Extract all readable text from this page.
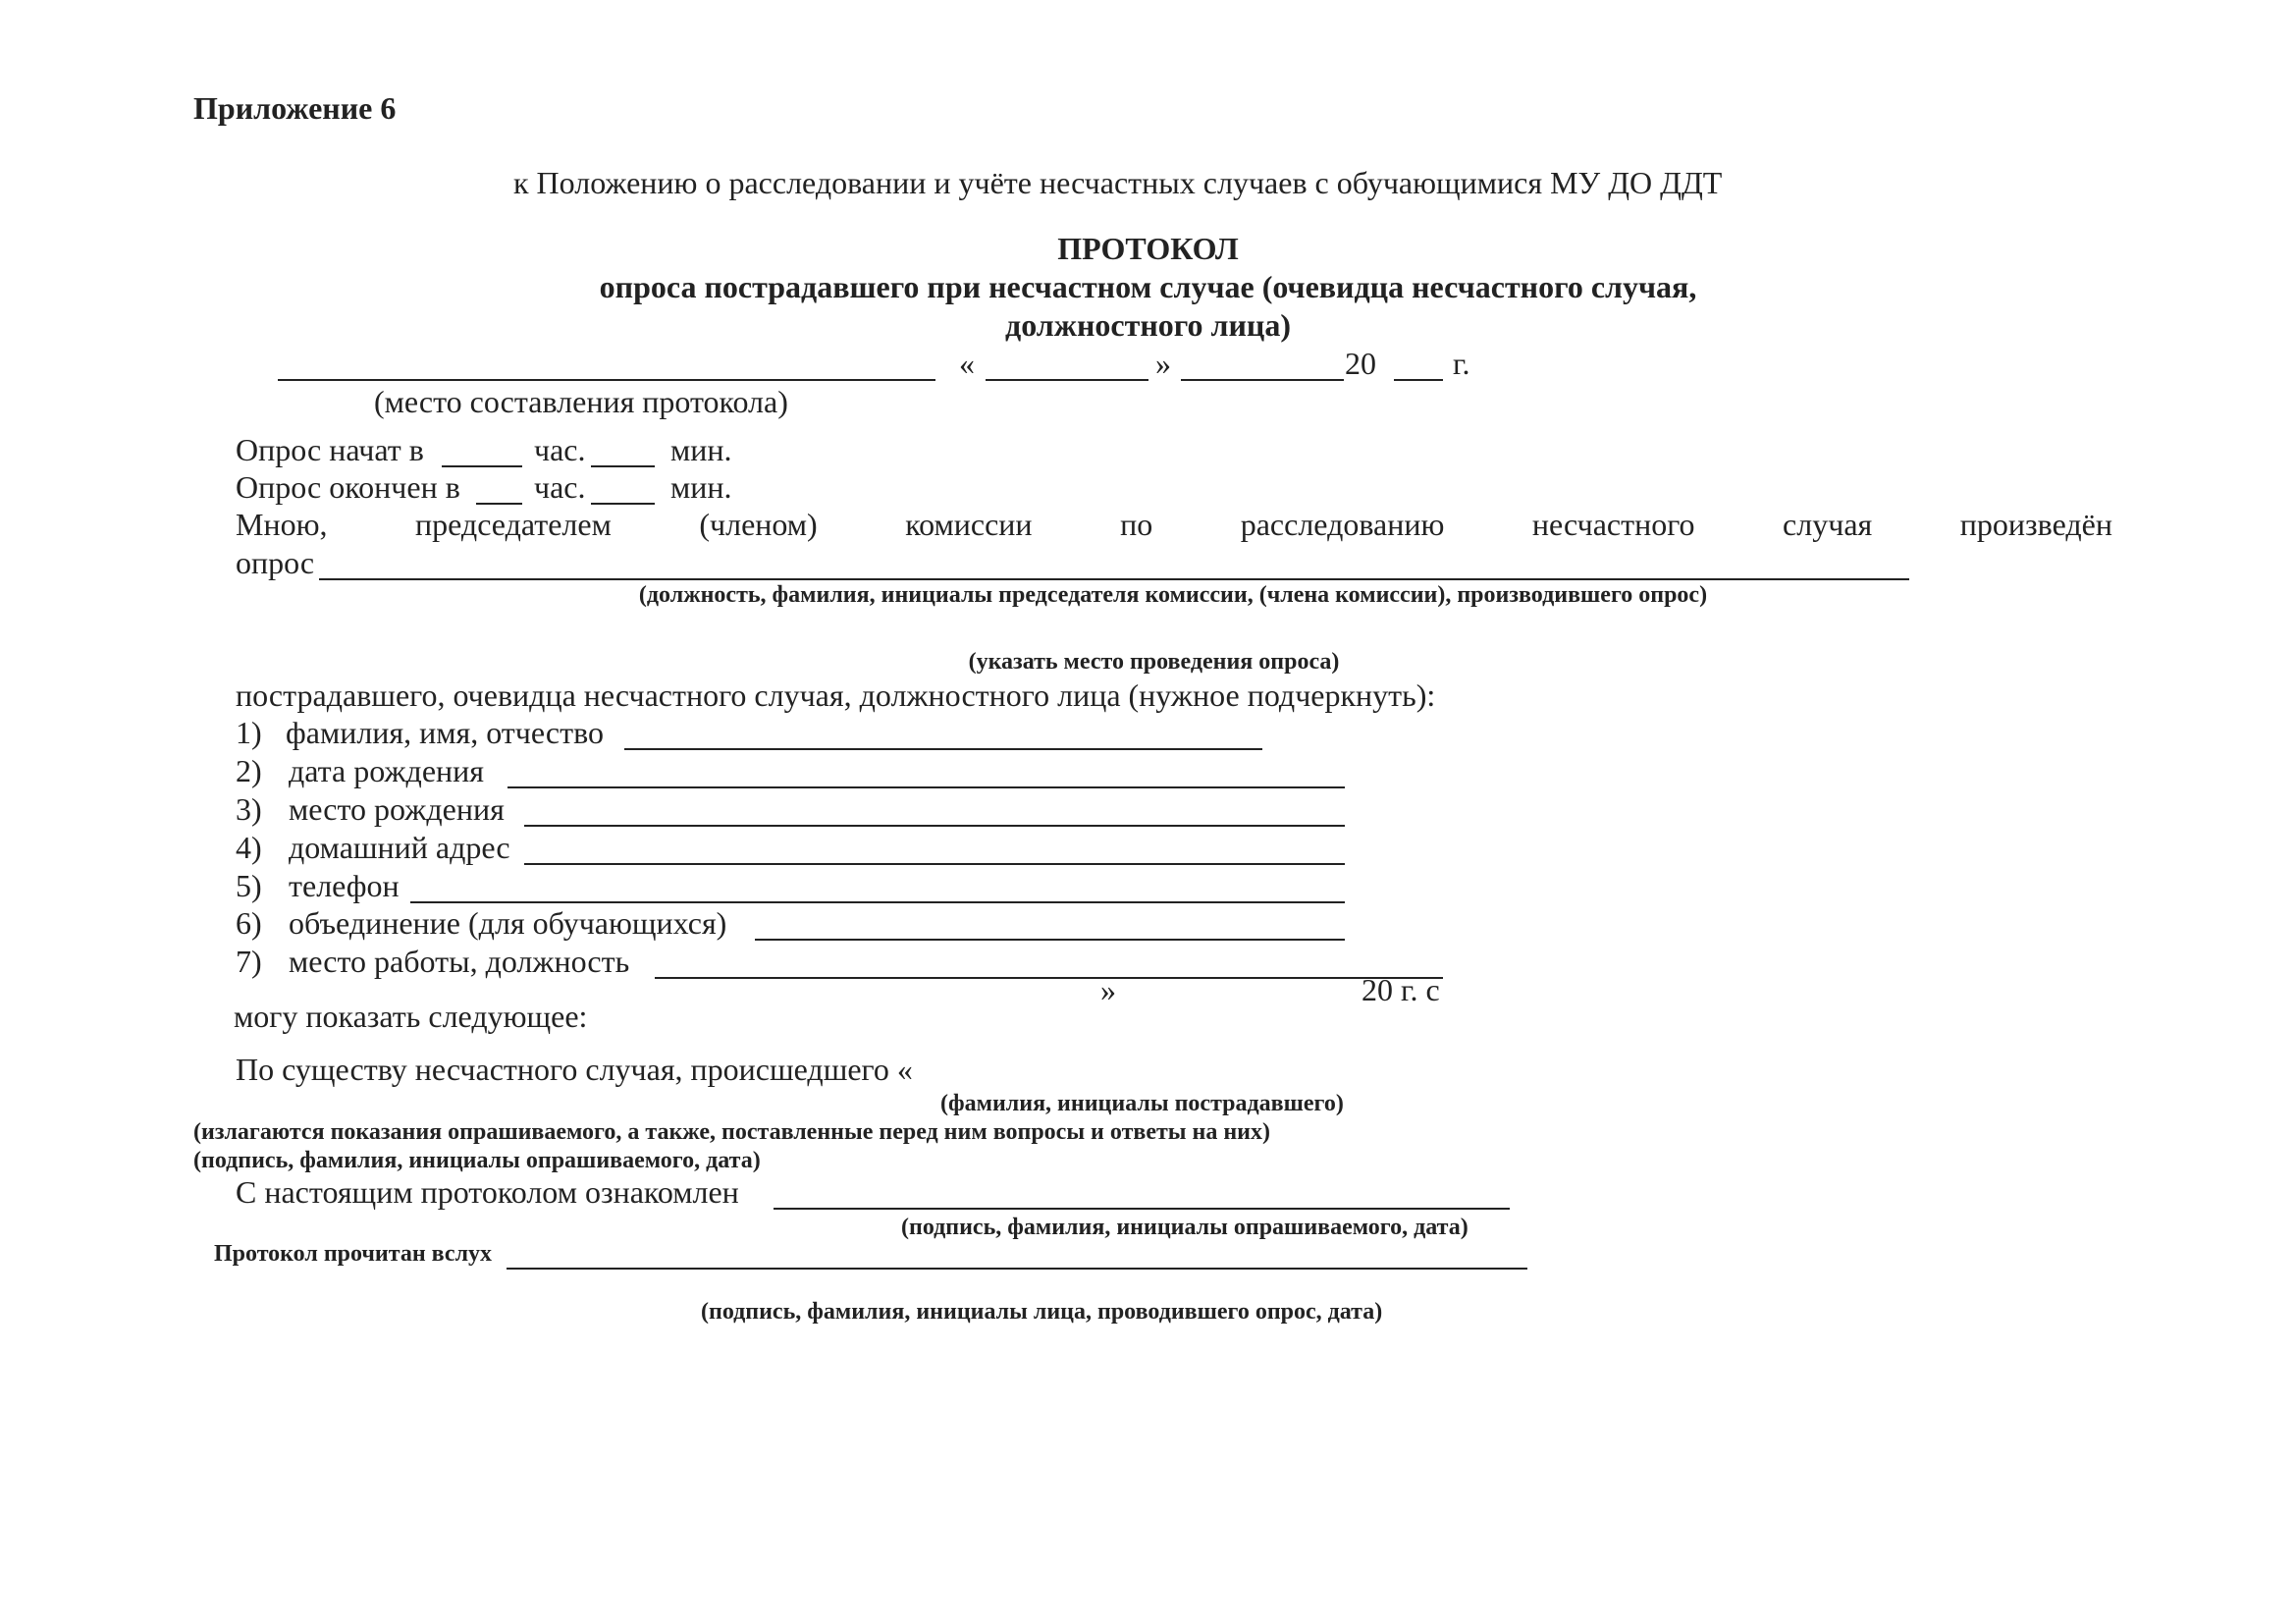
Приложение 6
к Положению о расследовании и учёте несчастных случаев с обучающимися МУ ДО ДДТ
ПРОТОКОЛ
опроса пострадавшего при несчастном случае (очевидца несчастного случая,
должностного лица)
«	»	20 г.
(место составления протокола)
Опрос начат в	час.	мин.
Опрос окончен в час.	мин.
Мною,	председателем	(членом)	комиссии	по	расследованию	несчастного	случая	произведён
опрос
(должность, фамилия, инициалы председателя комиссии, (члена комиссии), производившего опрос)
(указать место проведения опроса)
пострадавшего, очевидца несчастного случая, должностного лица (нужное подчеркнуть):
1) фамилия, имя, отчество
2) дата рождения
3) место рождения
4) домашний адрес
5) телефон
6) объединение (для обучающихся)
7) место работы, должность
»	20 г. с
могу показать следующее:
По существу несчастного случая, происшедшего «
(фамилия, инициалы пострадавшего)
(излагаются показания опрашиваемого, а также, поставленные перед ним вопросы и ответы на них)
(подпись, фамилия, инициалы опрашиваемого, дата)
С настоящим протоколом ознакомлен
(подпись, фамилия, инициалы опрашиваемого, дата)
Протокол прочитан вслух
(подпись, фамилия, инициалы лица, проводившего опрос, дата)
